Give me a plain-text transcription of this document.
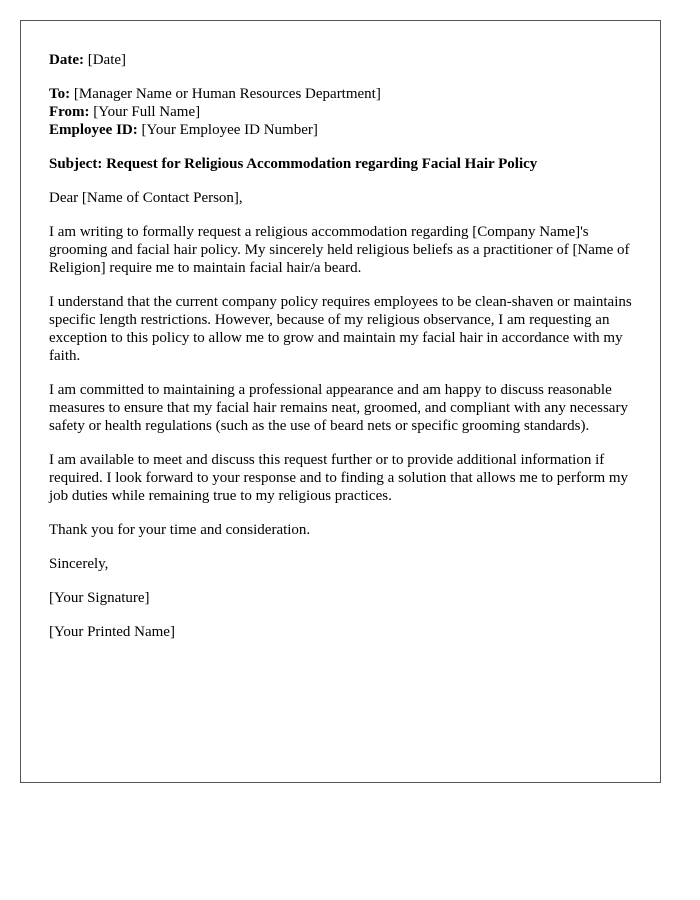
Date: [Date]

To: [Manager Name or Human Resources Department]
From: [Your Full Name]
Employee ID: [Your Employee ID Number]

Subject: Request for Religious Accommodation regarding Facial Hair Policy

Dear [Name of Contact Person],

I am writing to formally request a religious accommodation regarding [Company Name]'s grooming and facial hair policy. My sincerely held religious beliefs as a practitioner of [Name of Religion] require me to maintain facial hair/a beard.

I understand that the current company policy requires employees to be clean-shaven or maintains specific length restrictions. However, because of my religious observance, I am requesting an exception to this policy to allow me to grow and maintain my facial hair in accordance with my faith.

I am committed to maintaining a professional appearance and am happy to discuss reasonable measures to ensure that my facial hair remains neat, groomed, and compliant with any necessary safety or health regulations (such as the use of beard nets or specific grooming standards).

I am available to meet and discuss this request further or to provide additional information if required. I look forward to your response and to finding a solution that allows me to perform my job duties while remaining true to my religious practices.

Thank you for your time and consideration.

Sincerely,

[Your Signature]

[Your Printed Name]
